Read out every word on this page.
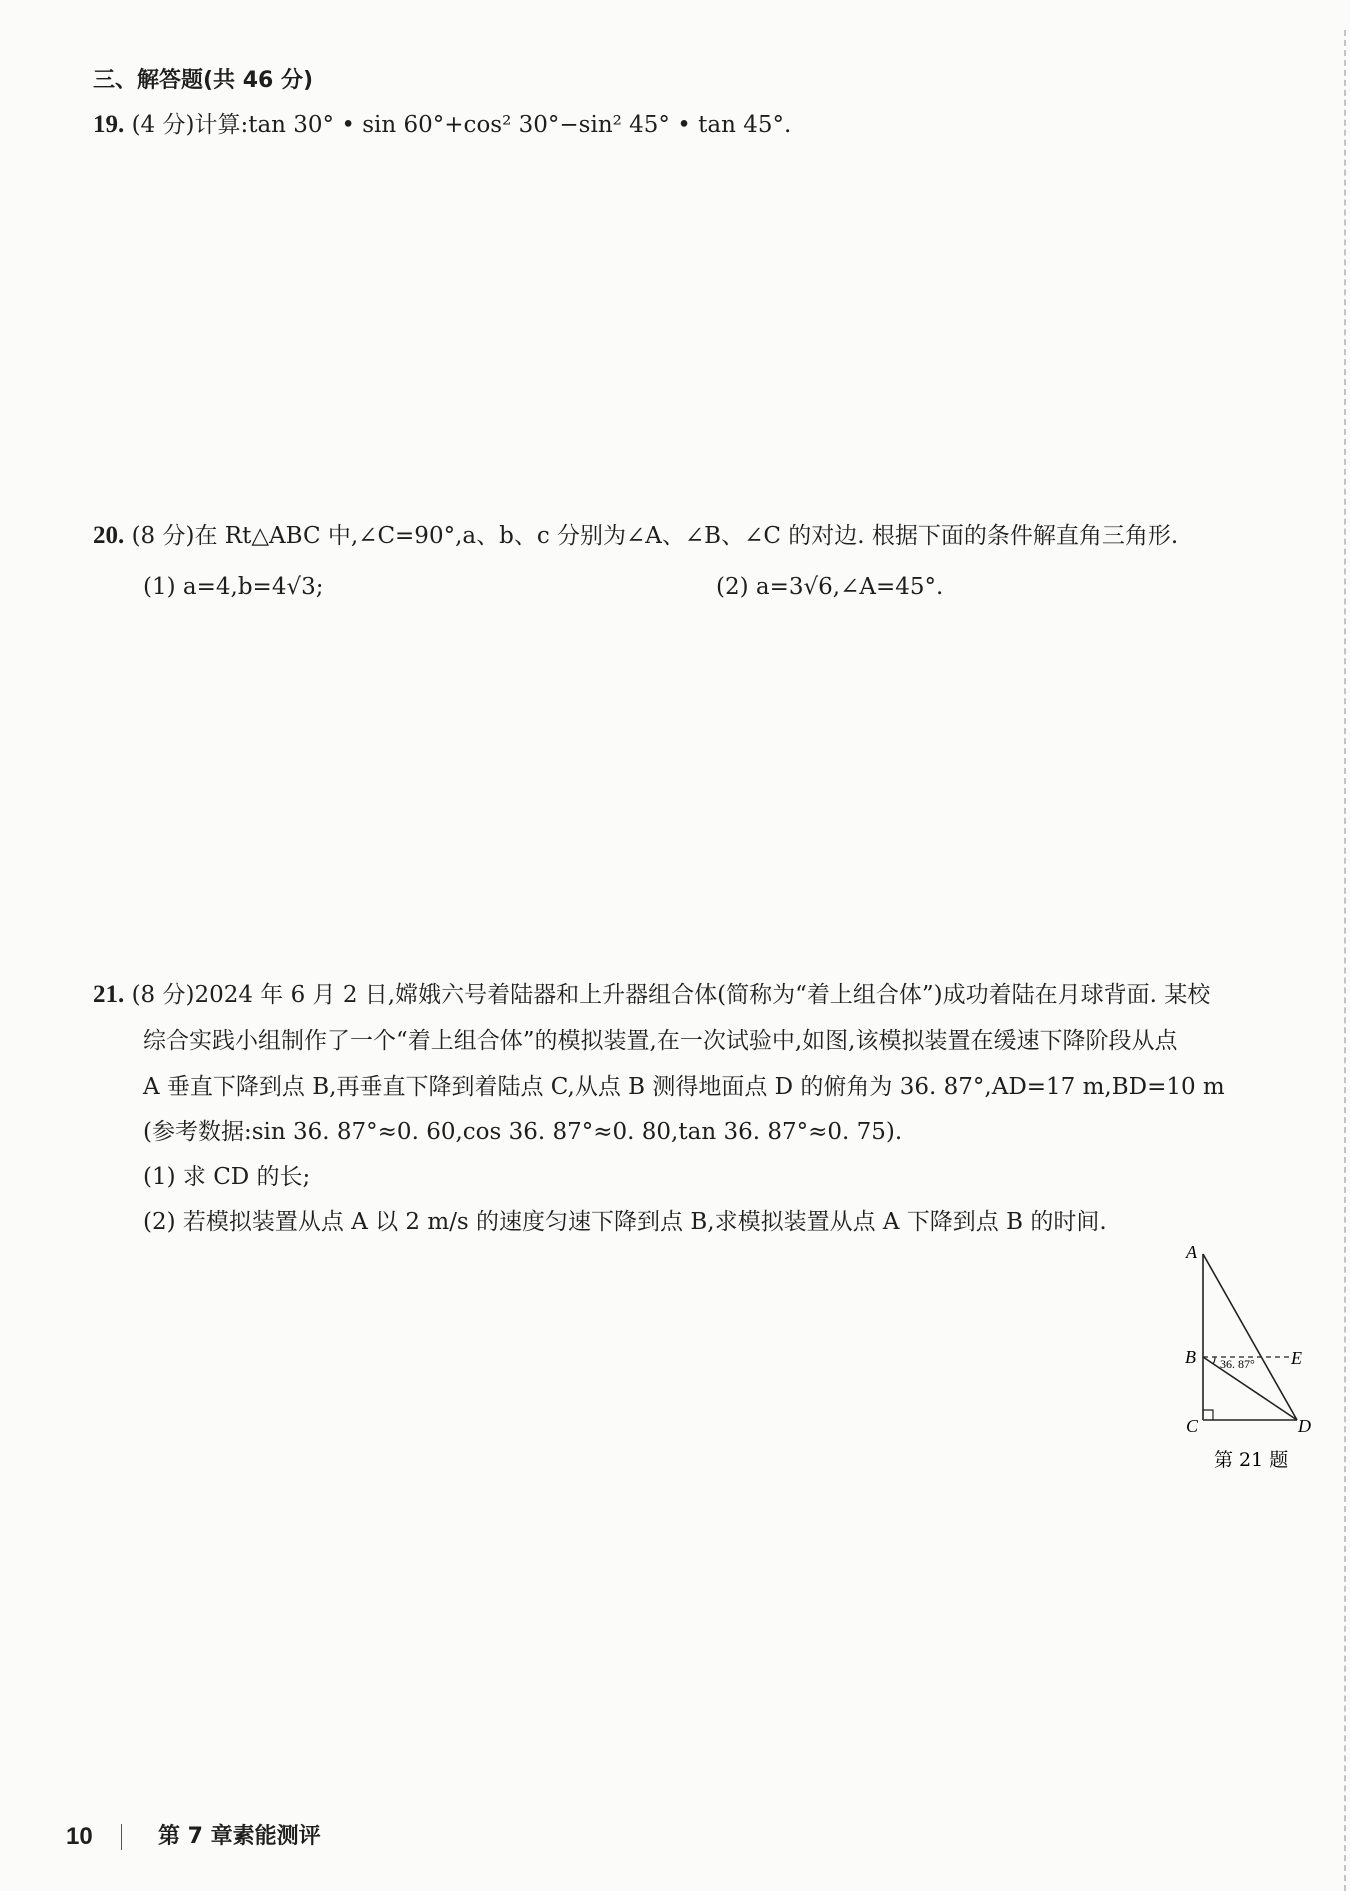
三、解答题(共 46 分)
19. (4 分)计算:tan 30° • sin 60°+cos² 30°−sin² 45° • tan 45°.
20. (8 分)在 Rt△ABC 中,∠C=90°,a、b、c 分别为∠A、∠B、∠C 的对边. 根据下面的条件解直角三角形.
(1) a=4,b=4√3;	(2) a=3√6,∠A=45°.
21. (8 分)2024 年 6 月 2 日,嫦娥六号着陆器和上升器组合体(简称为“着上组合体”)成功着陆在月球背面. 某校
综合实践小组制作了一个“着上组合体”的模拟装置,在一次试验中,如图,该模拟装置在缓速下降阶段从点
A 垂直下降到点 B,再垂直下降到着陆点 C,从点 B 测得地面点 D 的俯角为 36. 87°,AD=17 m,BD=10 m
(参考数据:sin 36. 87°≈0. 60,cos 36. 87°≈0. 80,tan 36. 87°≈0. 75).
(1) 求 CD 的长;
(2) 若模拟装置从点 A 以 2 m/s 的速度匀速下降到点 B,求模拟装置从点 A 下降到点 B 的时间.
A
B
C	D
E
36. 87°
第 21 题
10	第 7 章素能测评
